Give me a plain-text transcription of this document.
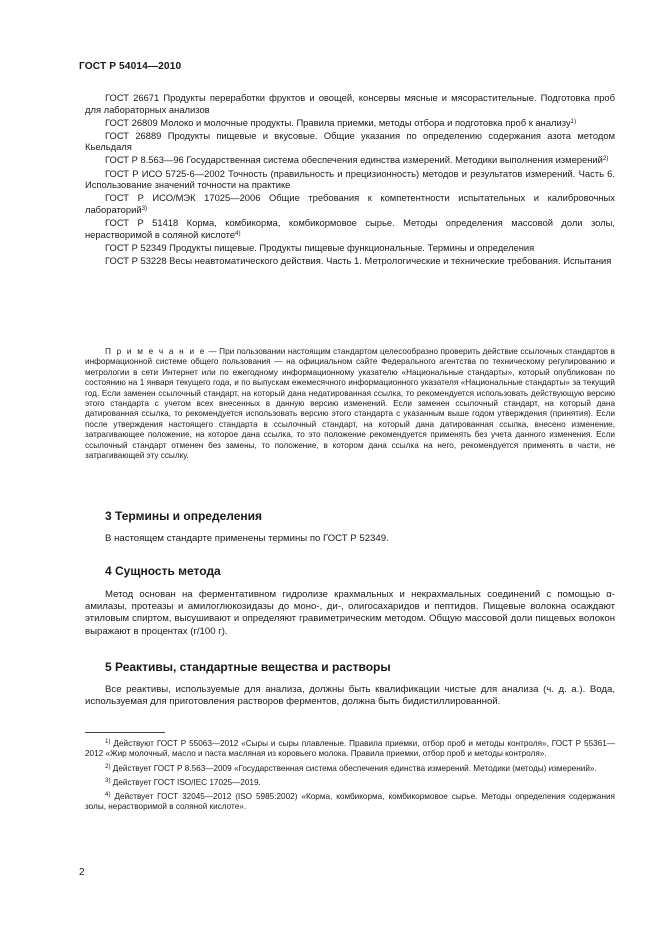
ГОСТ Р 54014—2010

ГОСТ 26671 Продукты переработки фруктов и овощей, консервы мясные и мясорастительные. Подготовка проб для лабораторных анализов

ГОСТ 26809 Молоко и молочные продукты. Правила приемки, методы отбора и подготовка проб к анализу$^{1)}$

ГОСТ 26889 Продукты пищевые и вкусовые. Общие указания по определению содержания азота методом Кьельдаля

ГОСТ Р 8.563—96 Государственная система обеспечения единства измерений. Методики выполнения измерений$^{2)}$

ГОСТ Р ИСО 5725-6—2002 Точность (правильность и прецизионность) методов и результатов измерений. Часть 6. Использование значений точности на практике

ГОСТ Р ИСО/МЭК 17025—2006 Общие требования к компетентности испытательных и калибровочных лабораторий$^{3)}$

ГОСТ Р 51418 Корма, комбикорма, комбикормовое сырье. Методы определения массовой доли золы, нерастворимой в соляной кислоте$^{4)}$

ГОСТ Р 52349 Продукты пищевые. Продукты пищевые функциональные. Термины и определения

ГОСТ Р 53228 Весы неавтоматического действия. Часть 1. Метрологические и технические требования. Испытания

П р и м е ч а н и е — При пользовании настоящим стандартом целесообразно проверить действие ссылочных стандартов в информационной системе общего пользования — на официальном сайте Федерального агентства по техническому регулированию и метрологии в сети Интернет или по ежегодному информационному указателю «Национальные стандарты», который опубликован по состоянию на 1 января текущего года, и по выпускам ежемесячного информационного указателя «Национальные стандарты» за текущий год. Если заменен ссылочный стандарт, на который дана недатированная ссылка, то рекомендуется использовать действующую версию этого стандарта с учетом всех внесенных в данную версию изменений. Если заменен ссылочный стандарт, на который дана датированная ссылка, то рекомендуется использовать версию этого стандарта с указанным выше годом утверждения (принятия). Если после утверждения настоящего стандарта в ссылочный стандарт, на который дана датированная ссылка, внесено изменение, затрагивающее положение, на которое дана ссылка, то это положение рекомендуется применять без учета данного изменения. Если ссылочный стандарт отменен без замены, то положение, в котором дана ссылка на него, рекомендуется применять в части, не затрагивающей эту ссылку.

3 Термины и определения

В настоящем стандарте применены термины по ГОСТ Р 52349.

4 Сущность метода

Метод основан на ферментативном гидролизе крахмальных и некрахмальных соединений с помощью α-амилазы, протеазы и амилоглюкозидазы до моно-, ди-, олигосахаридов и пептидов. Пищевые волокна осаждают этиловым спиртом, высушивают и определяют гравиметрическим методом. Общую массовой доли пищевых волокон выражают в процентах (г/100 г).

5 Реактивы, стандартные вещества и растворы

Все реактивы, используемые для анализа, должны быть квалификации чистые для анализа (ч. д. а.). Вода, используемая для приготовления растворов ферментов, должна быть бидистиллированной.

$^{1)}$ Действуют ГОСТ Р 55063—2012 «Сыры и сыры плавленые. Правила приемки, отбор проб и методы контроля», ГОСТ Р 55361—2012 «Жир молочный, масло и паста масляная из коровьего молока. Правила приемки, отбор проб и методы контроля».

$^{2)}$ Действует ГОСТ Р 8.563—2009 «Государственная система обеспечения единства измерений. Методики (методы) измерений».

$^{3)}$ Действует ГОСТ ISO/IEC 17025—2019.

$^{4)}$ Действует ГОСТ 32045—2012 (ISO 5985:2002) «Корма, комбикорма, комбикормовое сырье. Методы определения содержания золы, нерастворимой в соляной кислоте».

2
